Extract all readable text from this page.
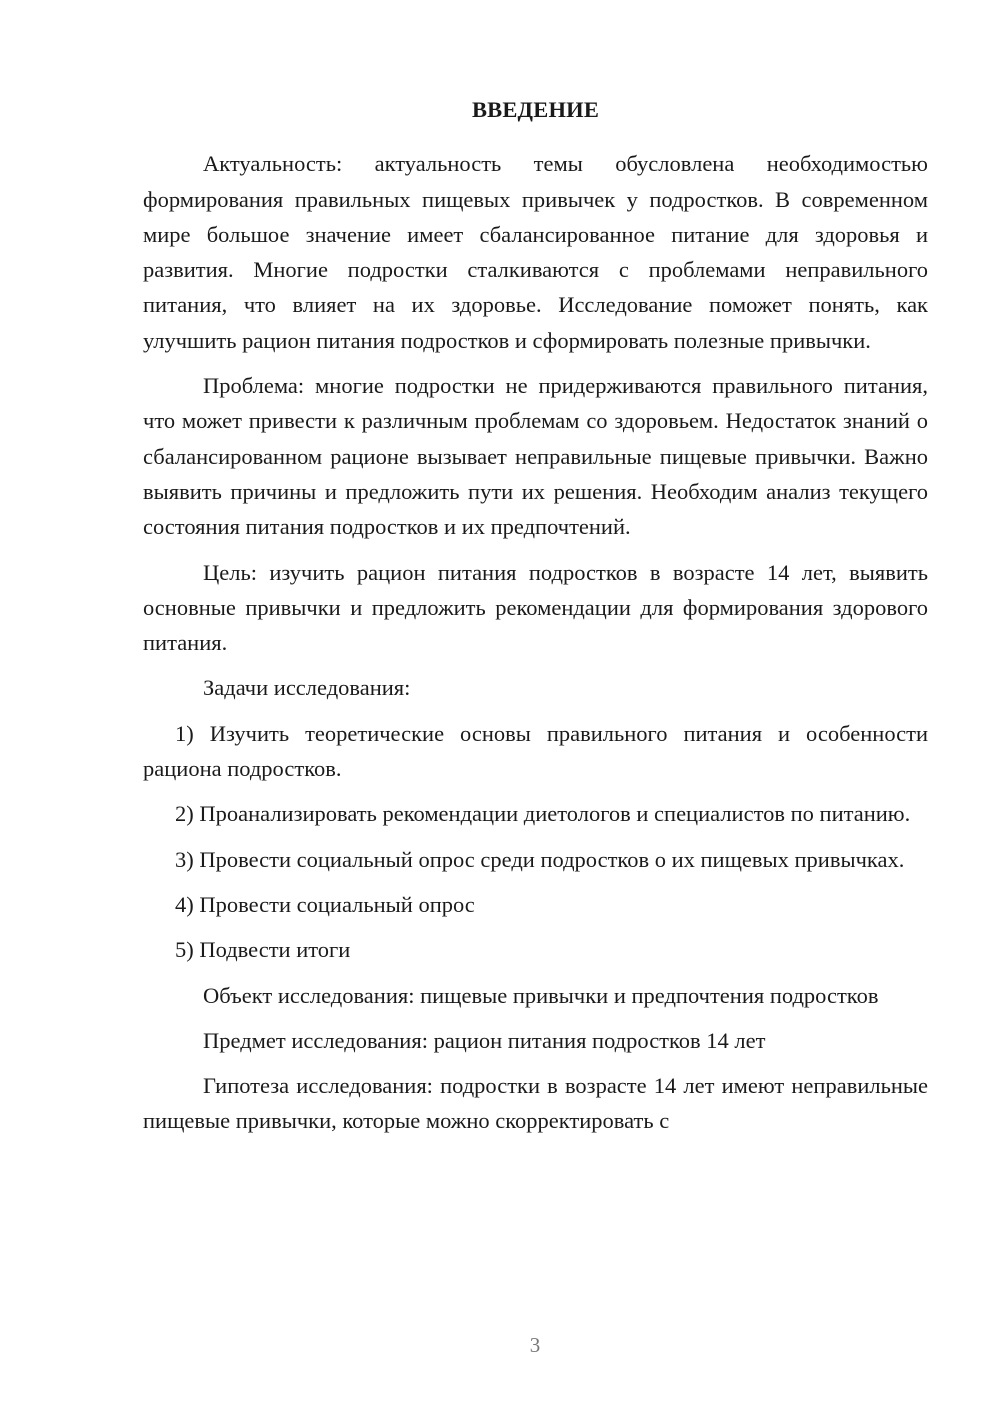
ВВЕДЕНИЕ

Актуальность: актуальность темы обусловлена необходимостью формирования правильных пищевых привычек у подростков. В современном мире большое значение имеет сбалансированное питание для здоровья и развития. Многие подростки сталкиваются с проблемами неправильного питания, что влияет на их здоровье. Исследование поможет понять, как улучшить рацион питания подростков и сформировать полезные привычки.

Проблема: многие подростки не придерживаются правильного питания, что может привести к различным проблемам со здоровьем. Недостаток знаний о сбалансированном рационе вызывает неправильные пищевые привычки. Важно выявить причины и предложить пути их решения. Необходим анализ текущего состояния питания подростков и их предпочтений.

Цель: изучить рацион питания подростков в возрасте 14 лет, выявить основные привычки и предложить рекомендации для формирования здорового питания.

Задачи исследования:

1) Изучить теоретические основы правильного питания и особенности рациона подростков.

2) Проанализировать рекомендации диетологов и специалистов по питанию.

3) Провести социальный опрос среди подростков о их пищевых привычках.

4) Провести социальный опрос

5) Подвести итоги

Объект исследования: пищевые привычки и предпочтения подростков

Предмет исследования: рацион питания подростков 14 лет

Гипотеза исследования: подростки в возрасте 14 лет имеют неправильные пищевые привычки, которые можно скорректировать с

3
